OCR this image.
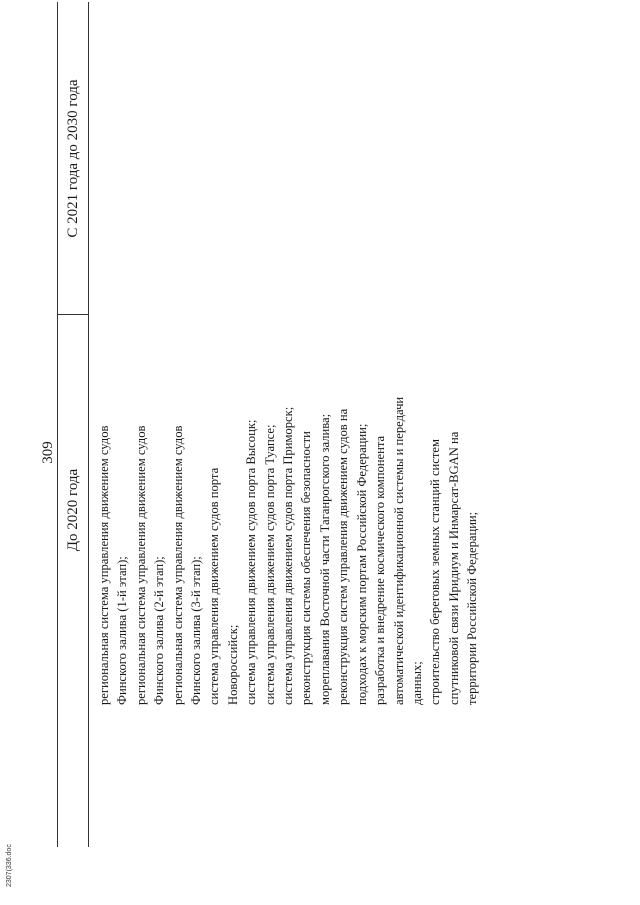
309
До 2020 года
С 2021 года до 2030 года
региональная система управления движением судов Финского залива (1-й этап); региональная система управления движением судов Финского залива (2-й этап); региональная система управления движением судов Финского залива (3-й этап); система управления движением судов порта Новороссийск; система управления движением судов порта Высоцк; система управления движением судов порта Туапсе; система управления движением судов порта Приморск; реконструкция системы обеспечения безопасности мореплавания Восточной части Таганрогского залива; реконструкция систем управления движением судов на подходах к морским портам Российской Федерации; разработка и внедрение космического компонента автоматической идентификационной системы и передачи данных; строительство береговых земных станций систем спутниковой связи Иридиум и Инмарсат-BGAN на территории Российской Федерации;
2307(336.doc
